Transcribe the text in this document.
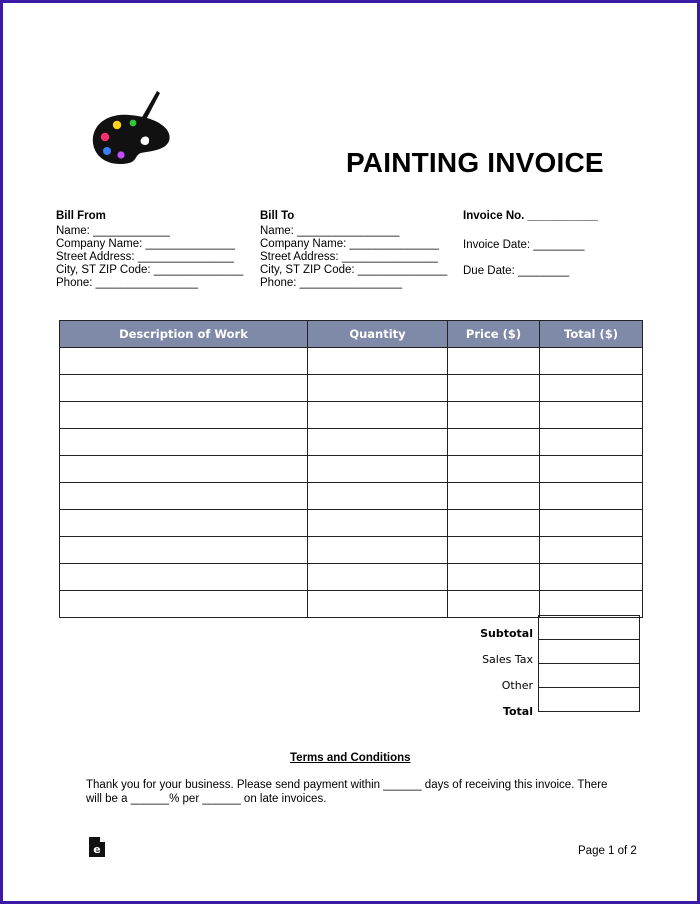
PAINTING INVOICE
Bill From
Name: ____________
Company Name: ______________
Street Address: _______________
City, ST ZIP Code: ______________
Phone: ________________
Bill To
Name: ________________
Company Name: ______________
Street Address: _______________
City, ST ZIP Code: ______________
Phone: ________________
Invoice No. ___________
Invoice Date: ________
Due Date: ________
Description of Work	Quantity	Price ($)	Total ($)

Subtotal
Sales Tax
Other
Total
Terms and Conditions
Thank you for your business. Please send payment within ______ days of receiving this invoice. There will be a ______% per ______ on late invoices.
e	Page 1 of 2
